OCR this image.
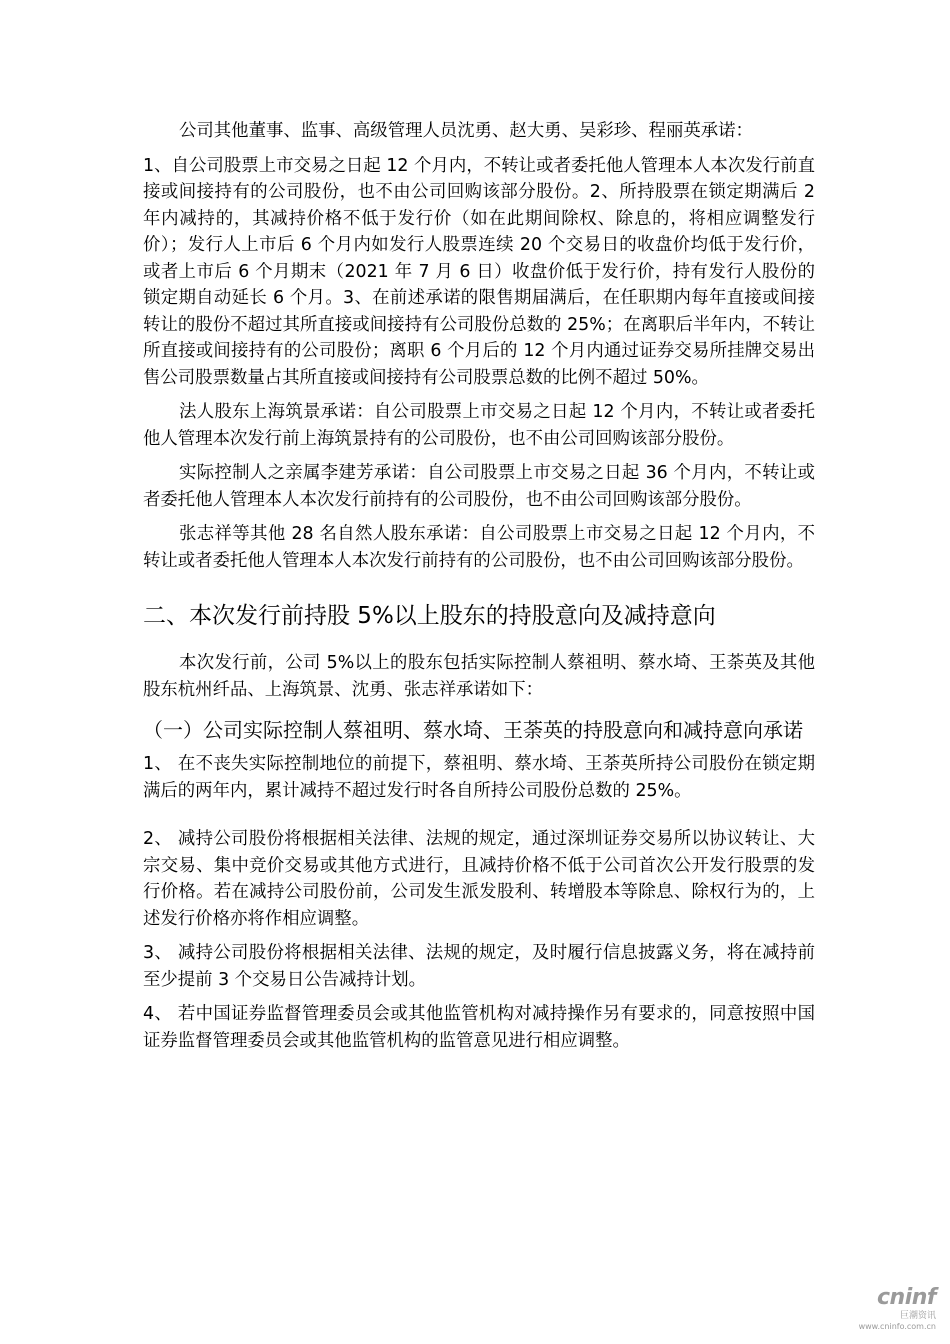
公司其他董事、监事、高级管理人员沈勇、赵大勇、吴彩珍、程丽英承诺：

1、自公司股票上市交易之日起 12 个月内，不转让或者委托他人管理本人本次发行前直接或间接持有的公司股份，也不由公司回购该部分股份。2、所持股票在锁定期满后 2 年内减持的，其减持价格不低于发行价（如在此期间除权、除息的，将相应调整发行价）；发行人上市后 6 个月内如发行人股票连续 20 个交易日的收盘价均低于发行价，或者上市后 6 个月期末（2021 年 7 月 6 日）收盘价低于发行价，持有发行人股份的锁定期自动延长 6 个月。3、在前述承诺的限售期届满后，在任职期内每年直接或间接转让的股份不超过其所直接或间接持有公司股份总数的 25%；在离职后半年内，不转让所直接或间接持有的公司股份；离职 6 个月后的 12 个月内通过证券交易所挂牌交易出售公司股票数量占其所直接或间接持有公司股票总数的比例不超过 50%。

法人股东上海筑景承诺：自公司股票上市交易之日起 12 个月内，不转让或者委托他人管理本次发行前上海筑景持有的公司股份，也不由公司回购该部分股份。

实际控制人之亲属李建芳承诺：自公司股票上市交易之日起 36 个月内，不转让或者委托他人管理本人本次发行前持有的公司股份，也不由公司回购该部分股份。

张志祥等其他 28 名自然人股东承诺：自公司股票上市交易之日起 12 个月内，不转让或者委托他人管理本人本次发行前持有的公司股份，也不由公司回购该部分股份。

二、本次发行前持股 5%以上股东的持股意向及减持意向

本次发行前，公司 5%以上的股东包括实际控制人蔡祖明、蔡水埼、王荼英及其他股东杭州纤品、上海筑景、沈勇、张志祥承诺如下：

（一）公司实际控制人蔡祖明、蔡水埼、王荼英的持股意向和减持意向承诺

1、 在不丧失实际控制地位的前提下，蔡祖明、蔡水埼、王荼英所持公司股份在锁定期满后的两年内，累计减持不超过发行时各自所持公司股份总数的 25%。

2、 减持公司股份将根据相关法律、法规的规定，通过深圳证券交易所以协议转让、大宗交易、集中竞价交易或其他方式进行，且减持价格不低于公司首次公开发行股票的发行价格。若在减持公司股份前，公司发生派发股利、转增股本等除息、除权行为的，上述发行价格亦将作相应调整。

3、 减持公司股份将根据相关法律、法规的规定，及时履行信息披露义务，将在减持前至少提前 3 个交易日公告减持计划。

4、 若中国证券监督管理委员会或其他监管机构对减持操作另有要求的，同意按照中国证券监督管理委员会或其他监管机构的监管意见进行相应调整。

cninf
巨潮资讯
www.cninfo.com.cn
